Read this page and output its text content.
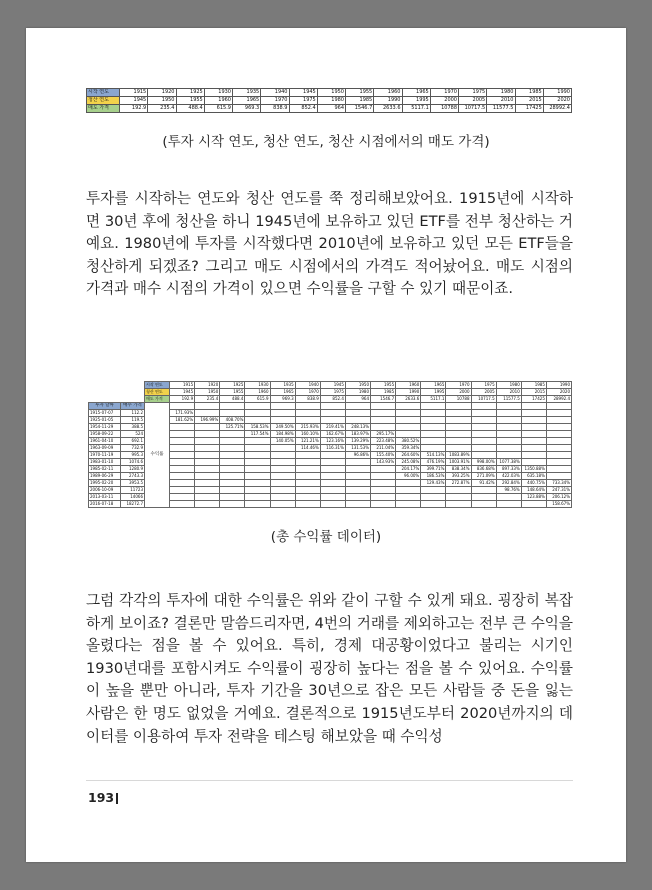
시작 연도	1915	1920	1925	1930	1935	1940	1945	1950	1955	1960	1965	1970	1975	1980	1985	1990
청산 연도	1945	1950	1955	1960	1965	1970	1975	1980	1985	1990	1995	2000	2005	2010	2015	2020
매도 가격	192.9	235.4	488.4	615.9	969.3	838.9	852.4	964	1546.7	2633.6	5117.1	10788	10717.5	11577.5	17425	28992.4
(투자 시작 연도, 청산 연도, 청산 시점에서의 매도 가격)

투자를 시작하는 연도와 청산 연도를 쭉 정리해보았어요. 1915년에 시작하면 30년 후에 청산을 하니 1945년에 보유하고 있던 ETF를 전부 청산하는 거예요. 1980년에 투자를 시작했다면 2010년에 보유하고 있던 모든 ETF들을 청산하게 되겠죠? 그리고 매도 시점에서의 가격도 적어놨어요. 매도 시점의 가격과 매수 시점의 가격이 있으면 수익률을 구할 수 있기 때문이죠.

		시작 연도	1915	1920	1925	1930	1935	1940	1945	1950	1955	1960	1965	1970	1975	1980	1985	1990
		청산 연도	1945	1950	1955	1960	1965	1970	1975	1980	1985	1990	1995	2000	2005	2010	2015	2020
		매도 가격	192.9	235.4	488.4	615.9	969.3	838.9	852.4	964	1546.7	2633.6	5117.1	10788	10717.5	11577.5	17425	28992.4
투자 날짜	매수 가격	수익률																
1915-07-07	112.2		171.93%															
1925-01-05	119.5		181.62%	196.99%	408.70%													
1954-11-29	388.5				125.71%	158.53%	249.50%	215.93%	219.41%	248.13%								
1958-09-22	524					117.54%	184.98%	160.10%	162.67%	183.97%	295.17%							
1961-04-10	692.1						140.05%	121.21%	123.16%	139.29%	223.48%	380.52%						
1963-09-09	732.9							114.46%	116.31%	131.53%	211.04%	359.34%						
1970-11-19	995.3									96.86%	155.40%	264.60%	514.13%	1083.89%				
1983-01-10	1074.6										143.93%	245.08%	476.19%	1003.91%	998.00%	1077.38%		
1985-02-11	1280.9											204.17%	399.71%	838.34%	836.68%	897.33%	1350.88%	
1989-06-29	2743.3											96.00%	186.53%	393.25%	271.09%	422.03%	635.18%	
1995-02-20	3953.5												129.43%	272.87%	91.42%	292.84%	440.75%	733.34%
2006-10-09	11723															98.76%	148.64%	247.31%
2013-03-11	14066																123.88%	206.12%
2016-07-18	18272.7																	158.67%
(총 수익률 데이터)

그럼 각각의 투자에 대한 수익률은 위와 같이 구할 수 있게 돼요. 굉장히 복잡하게 보이죠? 결론만 말씀드리자면, 4번의 거래를 제외하고는 전부 큰 수익을 올렸다는 점을 볼 수 있어요. 특히, 경제 대공황이었다고 불리는 시기인 1930년대를 포함시켜도 수익률이 굉장히 높다는 점을 볼 수 있어요. 수익률이 높을 뿐만 아니라, 투자 기간을 30년으로 잡은 모든 사람들 중 돈을 잃는 사람은 한 명도 없었을 거예요. 결론적으로 1915년도부터 2020년까지의 데이터를 이용하여 투자 전략을 테스팅 해보았을 때 수익성

193
